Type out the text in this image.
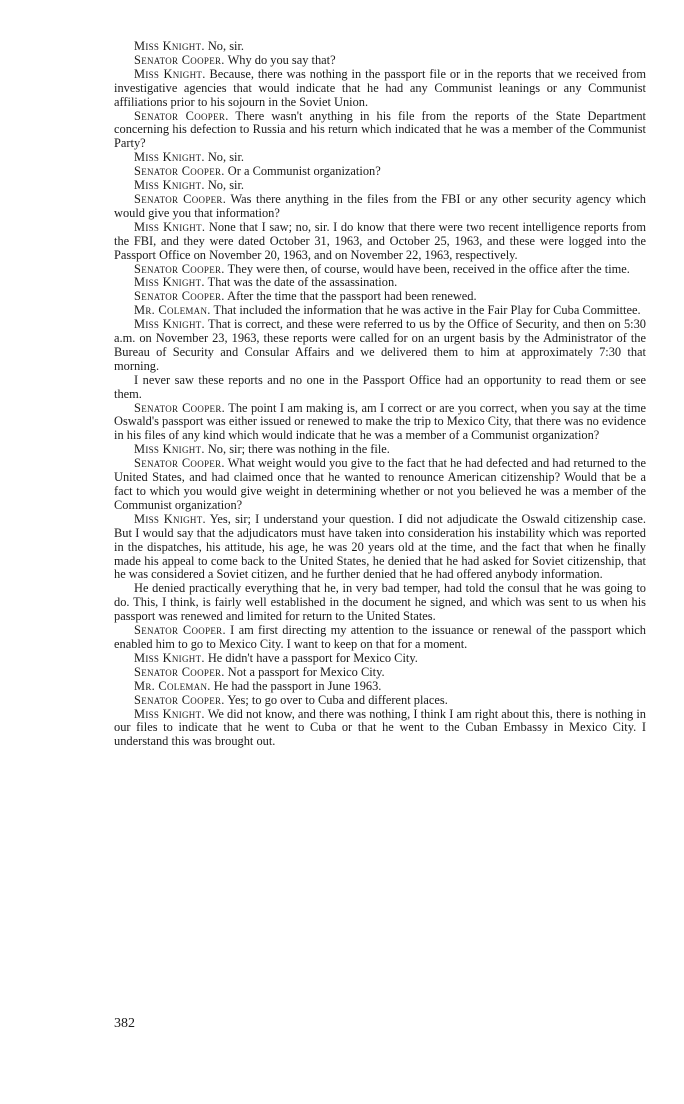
Miss Knight. No, sir.

Senator Cooper. Why do you say that?

Miss Knight. Because, there was nothing in the passport file or in the reports that we received from investigative agencies that would indicate that he had any Communist leanings or any Communist affiliations prior to his sojourn in the Soviet Union.

Senator Cooper. There wasn't anything in his file from the reports of the State Department concerning his defection to Russia and his return which indicated that he was a member of the Communist Party?

Miss Knight. No, sir.

Senator Cooper. Or a Communist organization?

Miss Knight. No, sir.

Senator Cooper. Was there anything in the files from the FBI or any other security agency which would give you that information?

Miss Knight. None that I saw; no, sir. I do know that there were two recent intelligence reports from the FBI, and they were dated October 31, 1963, and October 25, 1963, and these were logged into the Passport Office on November 20, 1963, and on November 22, 1963, respectively.

Senator Cooper. They were then, of course, would have been, received in the office after the time.

Miss Knight. That was the date of the assassination.

Senator Cooper. After the time that the passport had been renewed.

Mr. Coleman. That included the information that he was active in the Fair Play for Cuba Committee.

Miss Knight. That is correct, and these were referred to us by the Office of Security, and then on 5:30 a.m. on November 23, 1963, these reports were called for on an urgent basis by the Administrator of the Bureau of Security and Consular Affairs and we delivered them to him at approximately 7:30 that morning.

I never saw these reports and no one in the Passport Office had an opportunity to read them or see them.

Senator Cooper. The point I am making is, am I correct or are you correct, when you say at the time Oswald's passport was either issued or renewed to make the trip to Mexico City, that there was no evidence in his files of any kind which would indicate that he was a member of a Communist organization?

Miss Knight. No, sir; there was nothing in the file.

Senator Cooper. What weight would you give to the fact that he had defected and had returned to the United States, and had claimed once that he wanted to renounce American citizenship? Would that be a fact to which you would give weight in determining whether or not you believed he was a member of the Communist organization?

Miss Knight. Yes, sir; I understand your question. I did not adjudicate the Oswald citizenship case. But I would say that the adjudicators must have taken into consideration his instability which was reported in the dispatches, his attitude, his age, he was 20 years old at the time, and the fact that when he finally made his appeal to come back to the United States, he denied that he had asked for Soviet citizenship, that he was considered a Soviet citizen, and he further denied that he had offered anybody information.

He denied practically everything that he, in very bad temper, had told the consul that he was going to do. This, I think, is fairly well established in the document he signed, and which was sent to us when his passport was renewed and limited for return to the United States.

Senator Cooper. I am first directing my attention to the issuance or renewal of the passport which enabled him to go to Mexico City. I want to keep on that for a moment.

Miss Knight. He didn't have a passport for Mexico City.

Senator Cooper. Not a passport for Mexico City.

Mr. Coleman. He had the passport in June 1963.

Senator Cooper. Yes; to go over to Cuba and different places.

Miss Knight. We did not know, and there was nothing, I think I am right about this, there is nothing in our files to indicate that he went to Cuba or that he went to the Cuban Embassy in Mexico City. I understand this was brought out.

382
